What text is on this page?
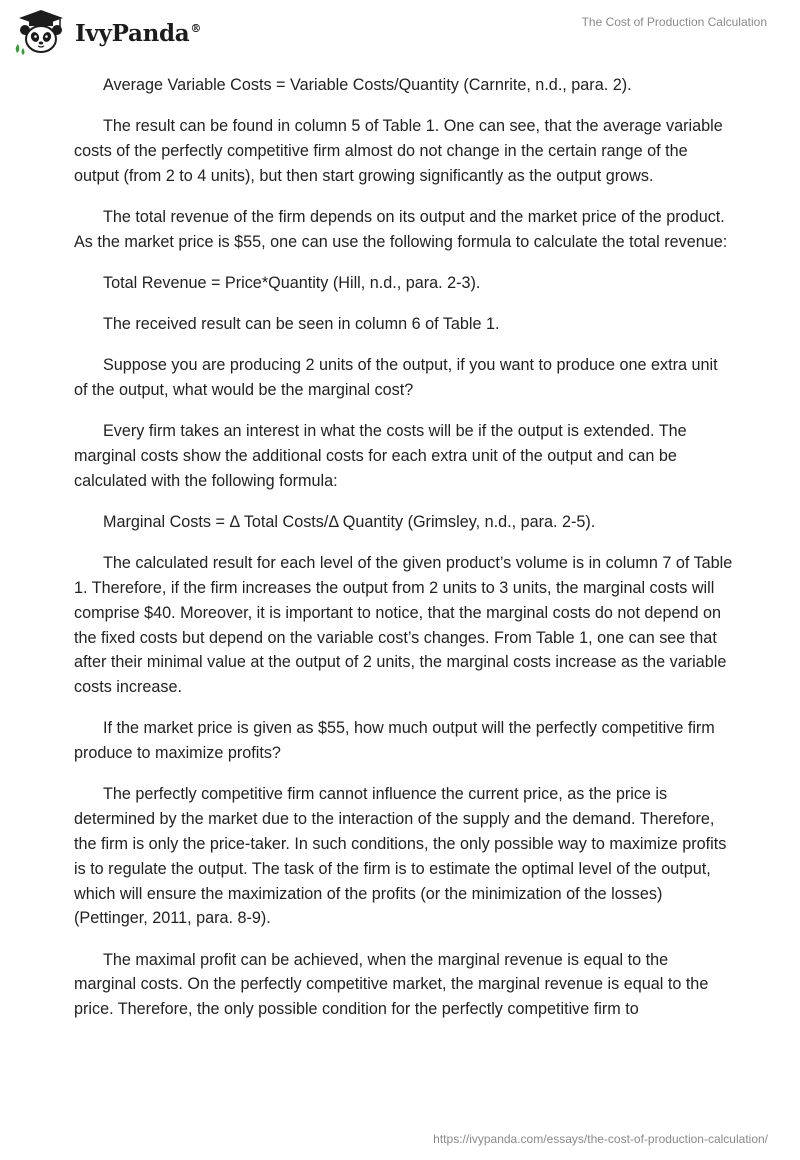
IvyPanda®	The Cost of Production Calculation

Average Variable Costs = Variable Costs/Quantity (Carnrite, n.d., para. 2).

The result can be found in column 5 of Table 1. One can see, that the average variable costs of the perfectly competitive firm almost do not change in the certain range of the output (from 2 to 4 units), but then start growing significantly as the output grows.

The total revenue of the firm depends on its output and the market price of the product. As the market price is $55, one can use the following formula to calculate the total revenue:

Total Revenue = Price*Quantity (Hill, n.d., para. 2-3).

The received result can be seen in column 6 of Table 1.

Suppose you are producing 2 units of the output, if you want to produce one extra unit of the output, what would be the marginal cost?

Every firm takes an interest in what the costs will be if the output is extended. The marginal costs show the additional costs for each extra unit of the output and can be calculated with the following formula:

Marginal Costs = Δ Total Costs/Δ Quantity (Grimsley, n.d., para. 2-5).

The calculated result for each level of the given product’s volume is in column 7 of Table 1. Therefore, if the firm increases the output from 2 units to 3 units, the marginal costs will comprise $40. Moreover, it is important to notice, that the marginal costs do not depend on the fixed costs but depend on the variable cost’s changes. From Table 1, one can see that after their minimal value at the output of 2 units, the marginal costs increase as the variable costs increase.

If the market price is given as $55, how much output will the perfectly competitive firm produce to maximize profits?

The perfectly competitive firm cannot influence the current price, as the price is determined by the market due to the interaction of the supply and the demand. Therefore, the firm is only the price-taker. In such conditions, the only possible way to maximize profits is to regulate the output. The task of the firm is to estimate the optimal level of the output, which will ensure the maximization of the profits (or the minimization of the losses) (Pettinger, 2011, para. 8-9).

The maximal profit can be achieved, when the marginal revenue is equal to the marginal costs. On the perfectly competitive market, the marginal revenue is equal to the price. Therefore, the only possible condition for the perfectly competitive firm to

https://ivypanda.com/essays/the-cost-of-production-calculation/
